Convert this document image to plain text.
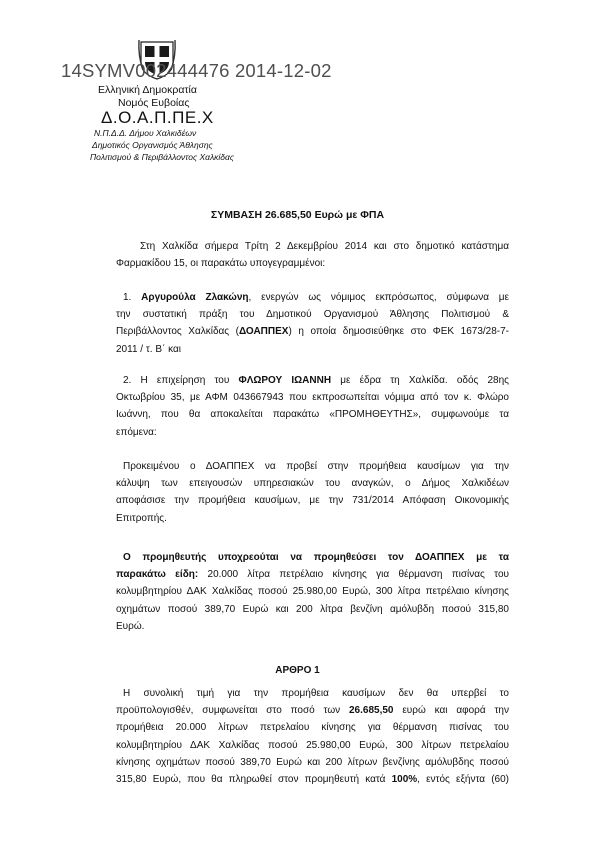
14SYMV002444476 2014-12-02
Ελληνική Δημοκρατία
Νομός Ευβοίας
Δ.Ο.Α.Π.ΠΕ.Χ
Ν.Π.Δ.Δ. Δήμου Χαλκιδέων
Δημοτικός Οργανισμός Άθλησης
Πολιτισμού & Περιβάλλοντος Χαλκίδας
ΣΥΜΒΑΣΗ 26.685,50 Ευρώ με ΦΠΑ
Στη Χαλκίδα σήμερα Τρίτη 2 Δεκεμβρίου 2014 και στο δημοτικό κατάστημα
Φαρμακίδου 15, οι παρακάτω υπογεγραμμένοι:
1. Αργυρούλα Ζλακώνη, ενεργών ως νόμιμος εκπρόσωπος, σύμφωνα με
την συστατική πράξη του Δημοτικού Οργανισμού Άθλησης Πολιτισμού &
Περιβάλλοντος Χαλκίδας (ΔΟΑΠΠΕΧ) η οποία δημοσιεύθηκε στο ΦΕΚ 1673/28-7-
2011 / τ. Β΄ και
2. Η επιχείρηση του ΦΛΩΡΟΥ ΙΩΑΝΝΗ με έδρα τη Χαλκίδα. οδός 28ης
Οκτωβρίου 35, με ΑΦΜ 043667943 που εκπροσωπείται νόμιμα από τον κ. Φλώρο
Ιωάννη, που θα αποκαλείται παρακάτω «ΠΡΟΜΗΘΕΥΤΗΣ», συμφωνούμε τα
επόμενα:
Προκειμένου ο ΔΟΑΠΠΕΧ να προβεί στην προμήθεια καυσίμων για την
κάλυψη των επειγουσών υπηρεσιακών του αναγκών, ο Δήμος Χαλκιδέων
αποφάσισε την προμήθεια καυσίμων, με την 731/2014 Απόφαση Οικονομικής
Επιτροπής.
Ο προμηθευτής υποχρεούται να προμηθεύσει τον ΔΟΑΠΠΕΧ με τα
παρακάτω είδη: 20.000 λίτρα πετρέλαιο κίνησης για θέρμανση πισίνας του
κολυμβητηρίου ΔΑΚ Χαλκίδας ποσού 25.980,00 Ευρώ, 300 λίτρα πετρέλαιο κίνησης
οχημάτων ποσού 389,70 Ευρώ και 200 λίτρα βενζίνη αμόλυβδη ποσού 315,80
Ευρώ.
ΑΡΘΡΟ 1
Η συνολική τιμή για την προμήθεια καυσίμων δεν θα υπερβεί το
προϋπολογισθέν, συμφωνείται στο ποσό των 26.685,50 ευρώ και αφορά την
προμήθεια 20.000 λίτρων πετρελαίου κίνησης για θέρμανση πισίνας του
κολυμβητηρίου ΔΑΚ Χαλκίδας ποσού 25.980,00 Ευρώ, 300 λίτρων πετρελαίου
κίνησης οχημάτων ποσού 389,70 Ευρώ και 200 λίτρων βενζίνης αμόλυβδης ποσού
315,80 Ευρώ, που θα πληρωθεί στον προμηθευτή κατά 100%, εντός εξήντα (60)
